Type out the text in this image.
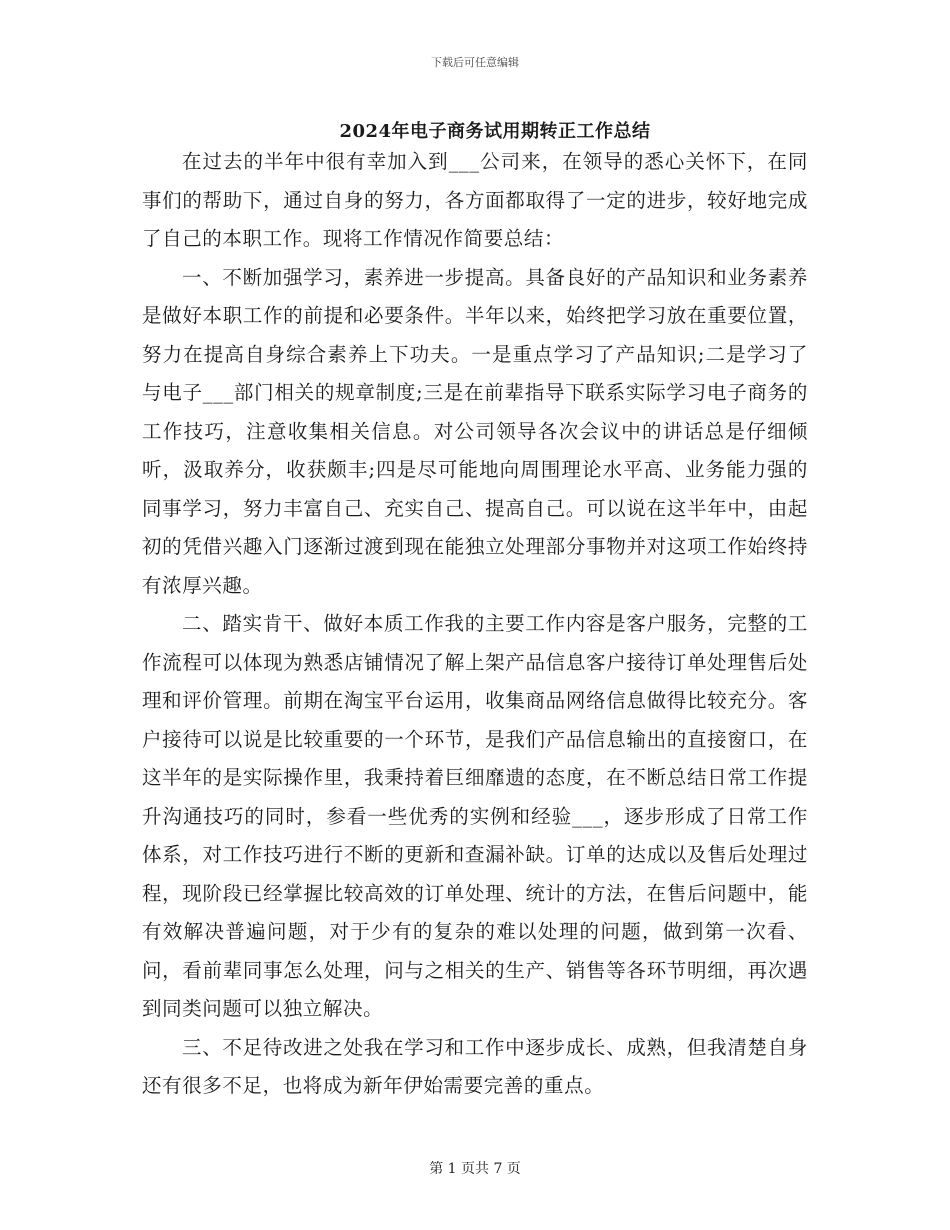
下载后可任意编辑
2024年电子商务试用期转正工作总结

在过去的半年中很有幸加入到___公司来，在领导的悉心关怀下，在同事们的帮助下，通过自身的努力，各方面都取得了一定的进步，较好地完成了自己的本职工作。现将工作情况作简要总结：

一、不断加强学习，素养进一步提高。具备良好的产品知识和业务素养是做好本职工作的前提和必要条件。半年以来，始终把学习放在重要位置，努力在提高自身综合素养上下功夫。一是重点学习了产品知识;二是学习了与电子___部门相关的规章制度;三是在前辈指导下联系实际学习电子商务的工作技巧，注意收集相关信息。对公司领导各次会议中的讲话总是仔细倾听，汲取养分，收获颇丰;四是尽可能地向周围理论水平高、业务能力强的同事学习，努力丰富自己、充实自己、提高自己。可以说在这半年中，由起初的凭借兴趣入门逐渐过渡到现在能独立处理部分事物并对这项工作始终持有浓厚兴趣。

二、踏实肯干、做好本质工作我的主要工作内容是客户服务，完整的工作流程可以体现为熟悉店铺情况了解上架产品信息客户接待订单处理售后处理和评价管理。前期在淘宝平台运用，收集商品网络信息做得比较充分。客户接待可以说是比较重要的一个环节，是我们产品信息输出的直接窗口，在这半年的是实际操作里，我秉持着巨细靡遗的态度，在不断总结日常工作提升沟通技巧的同时，参看一些优秀的实例和经验___，逐步形成了日常工作体系，对工作技巧进行不断的更新和查漏补缺。订单的达成以及售后处理过程，现阶段已经掌握比较高效的订单处理、统计的方法，在售后问题中，能有效解决普遍问题，对于少有的复杂的难以处理的问题，做到第一次看、问，看前辈同事怎么处理，问与之相关的生产、销售等各环节明细，再次遇到同类问题可以独立解决。

三、不足待改进之处我在学习和工作中逐步成长、成熟，但我清楚自身还有很多不足，也将成为新年伊始需要完善的重点。

第 1 页共 7 页
